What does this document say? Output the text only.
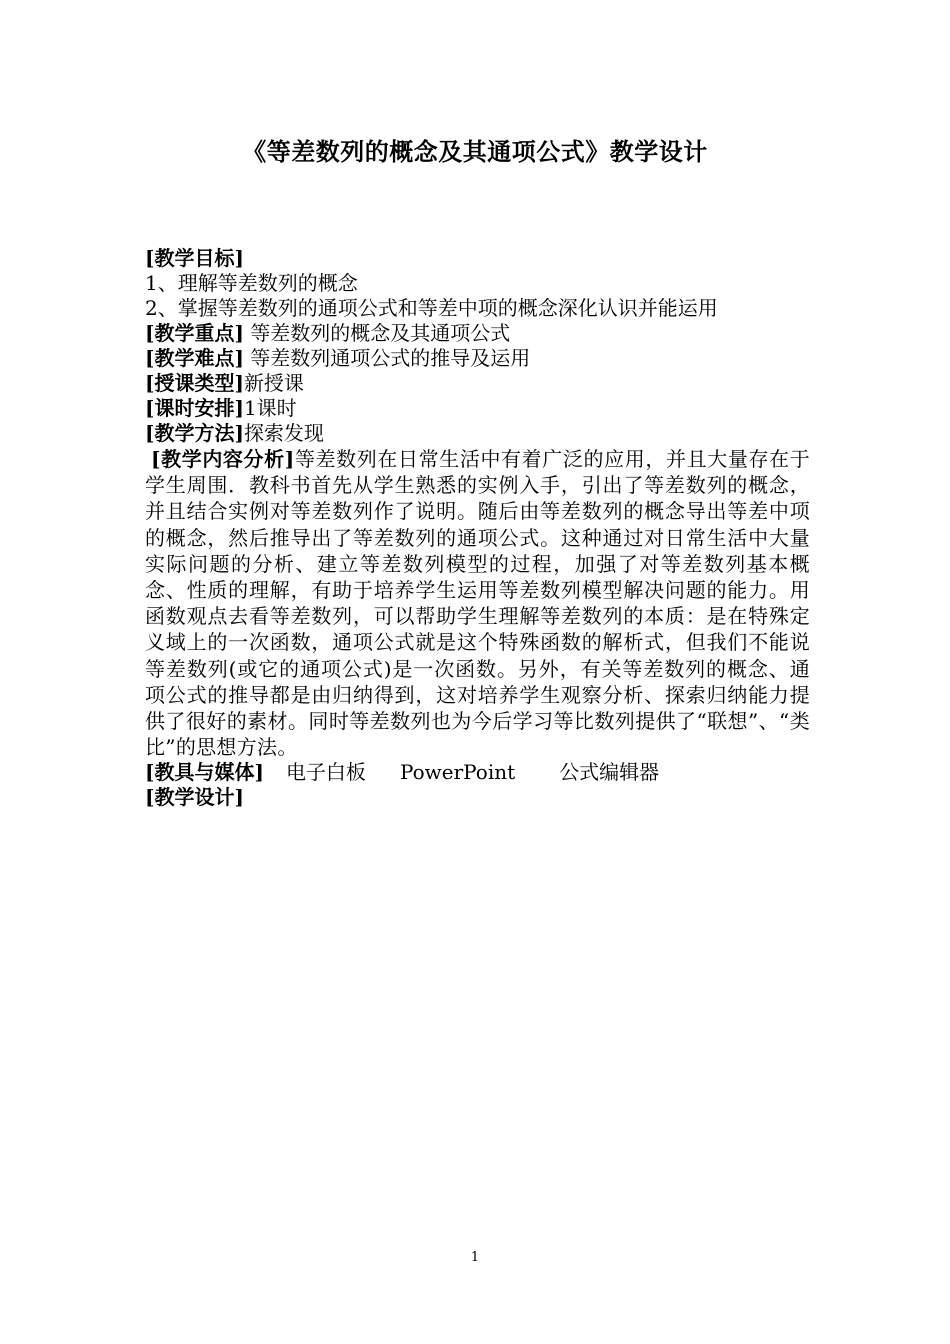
《等差数列的概念及其通项公式》教学设计
[教学目标]
1、理解等差数列的概念
2、掌握等差数列的通项公式和等差中项的概念深化认识并能运用
[教学重点] 等差数列的概念及其通项公式
[教学难点] 等差数列通项公式的推导及运用
[授课类型]新授课
[课时安排]1课时
[教学方法]探索发现
[教学内容分析]等差数列在日常生活中有着广泛的应用，并且大量存在于学生周围．教科书首先从学生熟悉的实例入手，引出了等差数列的概念，并且结合实例对等差数列作了说明。随后由等差数列的概念导出等差中项的概念，然后推导出了等差数列的通项公式。这种通过对日常生活中大量实际问题的分析、建立等差数列模型的过程，加强了对等差数列基本概念、性质的理解，有助于培养学生运用等差数列模型解决问题的能力。用函数观点去看等差数列，可以帮助学生理解等差数列的本质：是在特殊定义域上的一次函数，通项公式就是这个特殊函数的解析式，但我们不能说等差数列(或它的通项公式)是一次函数。另外，有关等差数列的概念、通项公式的推导都是由归纳得到，这对培养学生观察分析、探索归纳能力提供了很好的素材。同时等差数列也为今后学习等比数列提供了“联想”、“类比”的思想方法。
[教具与媒体] 电子白板 PowerPoint 公式编辑器
[教学设计]
1
